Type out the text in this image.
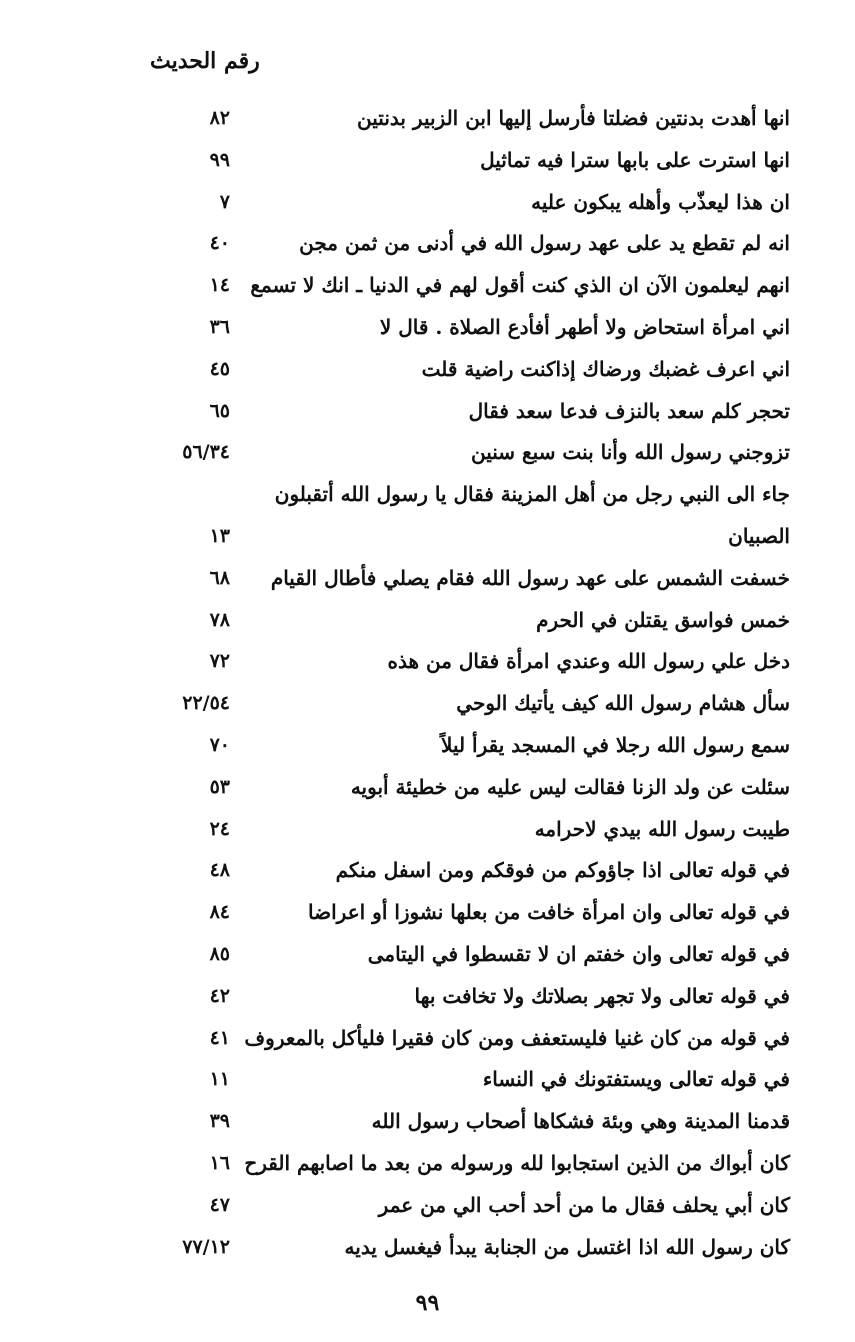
رقم الحديث
انها أهدت بدنتين فضلتا فأرسل إليها ابن الزبير بدنتين
٨٢
انها استرت على بابها سترا فيه تماثيل
٩٩
ان هذا ليعذّب وأهله يبكون عليه
٧
انه لم تقطع يد على عهد رسول الله في أدنى من ثمن مجن
٤٠
انهم ليعلمون الآن ان الذي كنت أقول لهم في الدنيا ـ انك لا تسمع
١٤
اني امرأة استحاض ولا أطهر أفأدع الصلاة . قال لا
٣٦
اني اعرف غضبك ورضاك إذاكنت راضية قلت
٤٥
تحجر كلم سعد بالنزف فدعا سعد فقال
٦٥
تزوجني رسول الله وأنا بنت سبع سنين
٥٦/٣٤
جاء الى النبي رجل من أهل المزينة فقال يا رسول الله أتقبلون
الصبيان
١٣
خسفت الشمس على عهد رسول الله فقام يصلي فأطال القيام
٦٨
خمس فواسق يقتلن في الحرم
٧٨
دخل علي رسول الله وعندي امرأة فقال من هذه
٧٢
سأل هشام رسول الله كيف يأتيك الوحي
٢٢/٥٤
سمع رسول الله رجلا في المسجد يقرأ ليلاً
٧٠
سئلت عن ولد الزنا فقالت ليس عليه من خطيئة أبويه
٥٣
طيبت رسول الله بيدي لاحرامه
٢٤
في قوله تعالى اذا جاؤوكم من فوقكم ومن اسفل منكم
٤٨
في قوله تعالى وان امرأة خافت من بعلها نشوزا أو اعراضا
٨٤
في قوله تعالى وان خفتم ان لا تقسطوا في اليتامى
٨٥
في قوله تعالى ولا تجهر بصلاتك ولا تخافت بها
٤٢
في قوله من كان غنيا فليستعفف ومن كان فقيرا فليأكل بالمعروف
٤١
في قوله تعالى ويستفتونك في النساء
١١
قدمنا المدينة وهي وبئة فشكاها أصحاب رسول الله
٣٩
كان أبواك من الذين استجابوا لله ورسوله من بعد ما اصابهم القرح
١٦
كان أبي يحلف فقال ما من أحد أحب الي من عمر
٤٧
كان رسول الله اذا اغتسل من الجنابة يبدأ فيغسل يديه
٧٧/١٢
٩٩
